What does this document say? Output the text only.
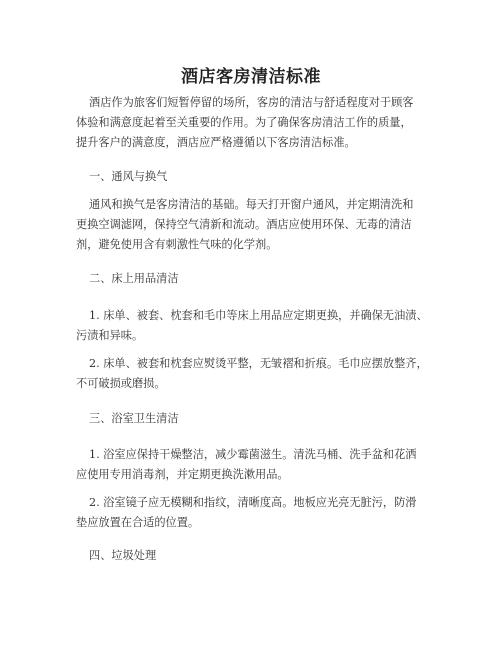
酒店客房清洁标准

酒店作为旅客们短暂停留的场所，客房的清洁与舒适程度对于顾客
体验和满意度起着至关重要的作用。为了确保客房清洁工作的质量，
提升客户的满意度，酒店应严格遵循以下客房清洁标准。

一、通风与换气

通风和换气是客房清洁的基础。每天打开窗户通风，并定期清洗和
更换空调滤网，保持空气清新和流动。酒店应使用环保、无毒的清洁
剂，避免使用含有刺激性气味的化学剂。

二、床上用品清洁

1. 床单、被套、枕套和毛巾等床上用品应定期更换，并确保无油渍、
污渍和异味。

2. 床单、被套和枕套应熨烫平整，无皱褶和折痕。毛巾应摆放整齐，
不可破损或磨损。

三、浴室卫生清洁

1. 浴室应保持干燥整洁，减少霉菌滋生。清洗马桶、洗手盆和花洒
应使用专用消毒剂，并定期更换洗漱用品。

2. 浴室镜子应无模糊和指纹，清晰度高。地板应光亮无脏污，防滑
垫应放置在合适的位置。

四、垃圾处理
